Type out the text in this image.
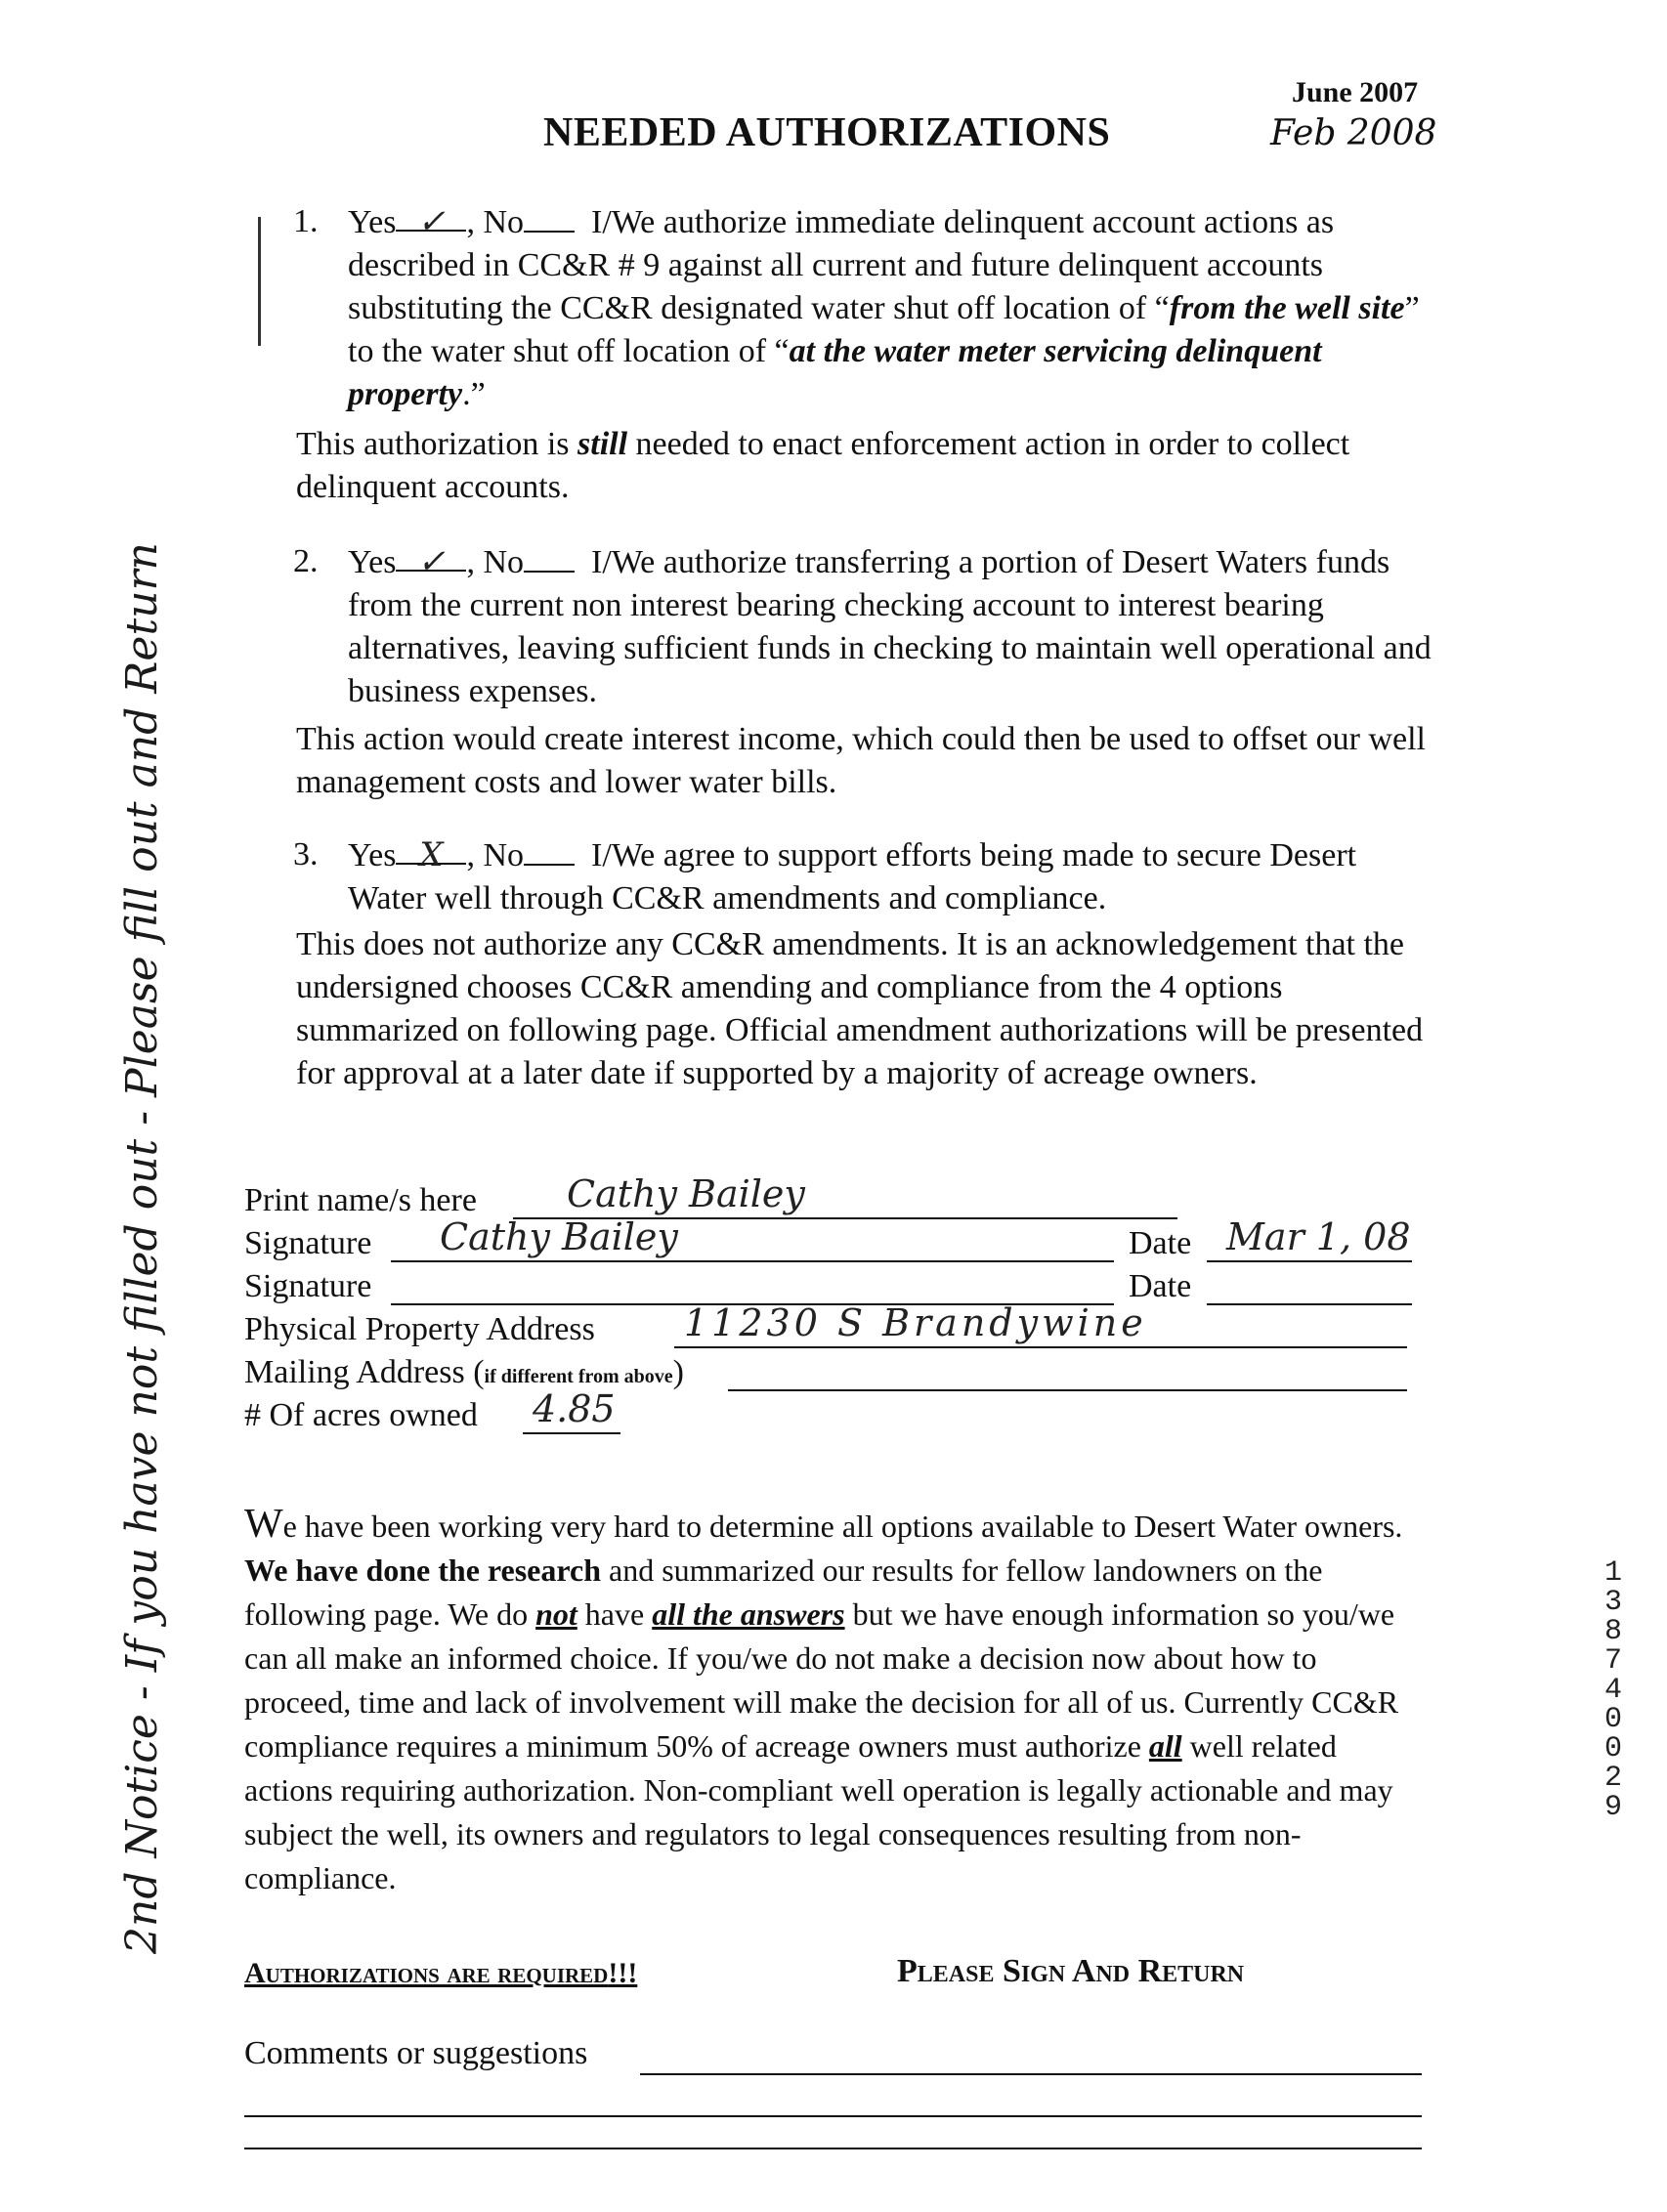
June 2007
Feb 2008
NEEDED AUTHORIZATIONS
1. Yes ✓ , No I/We authorize immediate delinquent account actions as described in CC&R # 9 against all current and future delinquent accounts substituting the CC&R designated water shut off location of “from the well site” to the water shut off location of “at the water meter servicing delinquent property.”
This authorization is still needed to enact enforcement action in order to collect delinquent accounts.
2. Yes ✓ , No I/We authorize transferring a portion of Desert Waters funds from the current non interest bearing checking account to interest bearing alternatives, leaving sufficient funds in checking to maintain well operational and business expenses.
This action would create interest income, which could then be used to offset our well management costs and lower water bills.
3. Yes X , No I/We agree to support efforts being made to secure Desert Water well through CC&R amendments and compliance.
This does not authorize any CC&R amendments. It is an acknowledgement that the undersigned chooses CC&R amending and compliance from the 4 options summarized on following page. Official amendment authorizations will be presented for approval at a later date if supported by a majority of acreage owners.
Print name/s here Cathy Bailey
Signature Cathy Bailey	Date Mar 1, 08
Signature	Date
Physical Property Address 11230 S Brandywine
Mailing Address (if different from above)
# Of acres owned 4.85
We have been working very hard to determine all options available to Desert Water owners. We have done the research and summarized our results for fellow landowners on the following page. We do not have all the answers but we have enough information so you/we can all make an informed choice. If you/we do not make a decision now about how to proceed, time and lack of involvement will make the decision for all of us. Currently CC&R compliance requires a minimum 50% of acreage owners must authorize all well related actions requiring authorization. Non-compliant well operation is legally actionable and may subject the well, its owners and regulators to legal consequences resulting from non-compliance.
Authorizations are required!!!	Please Sign And Return
Comments or suggestions
2nd Notice - If you have not filled out - Please fill out and Return	138740029
